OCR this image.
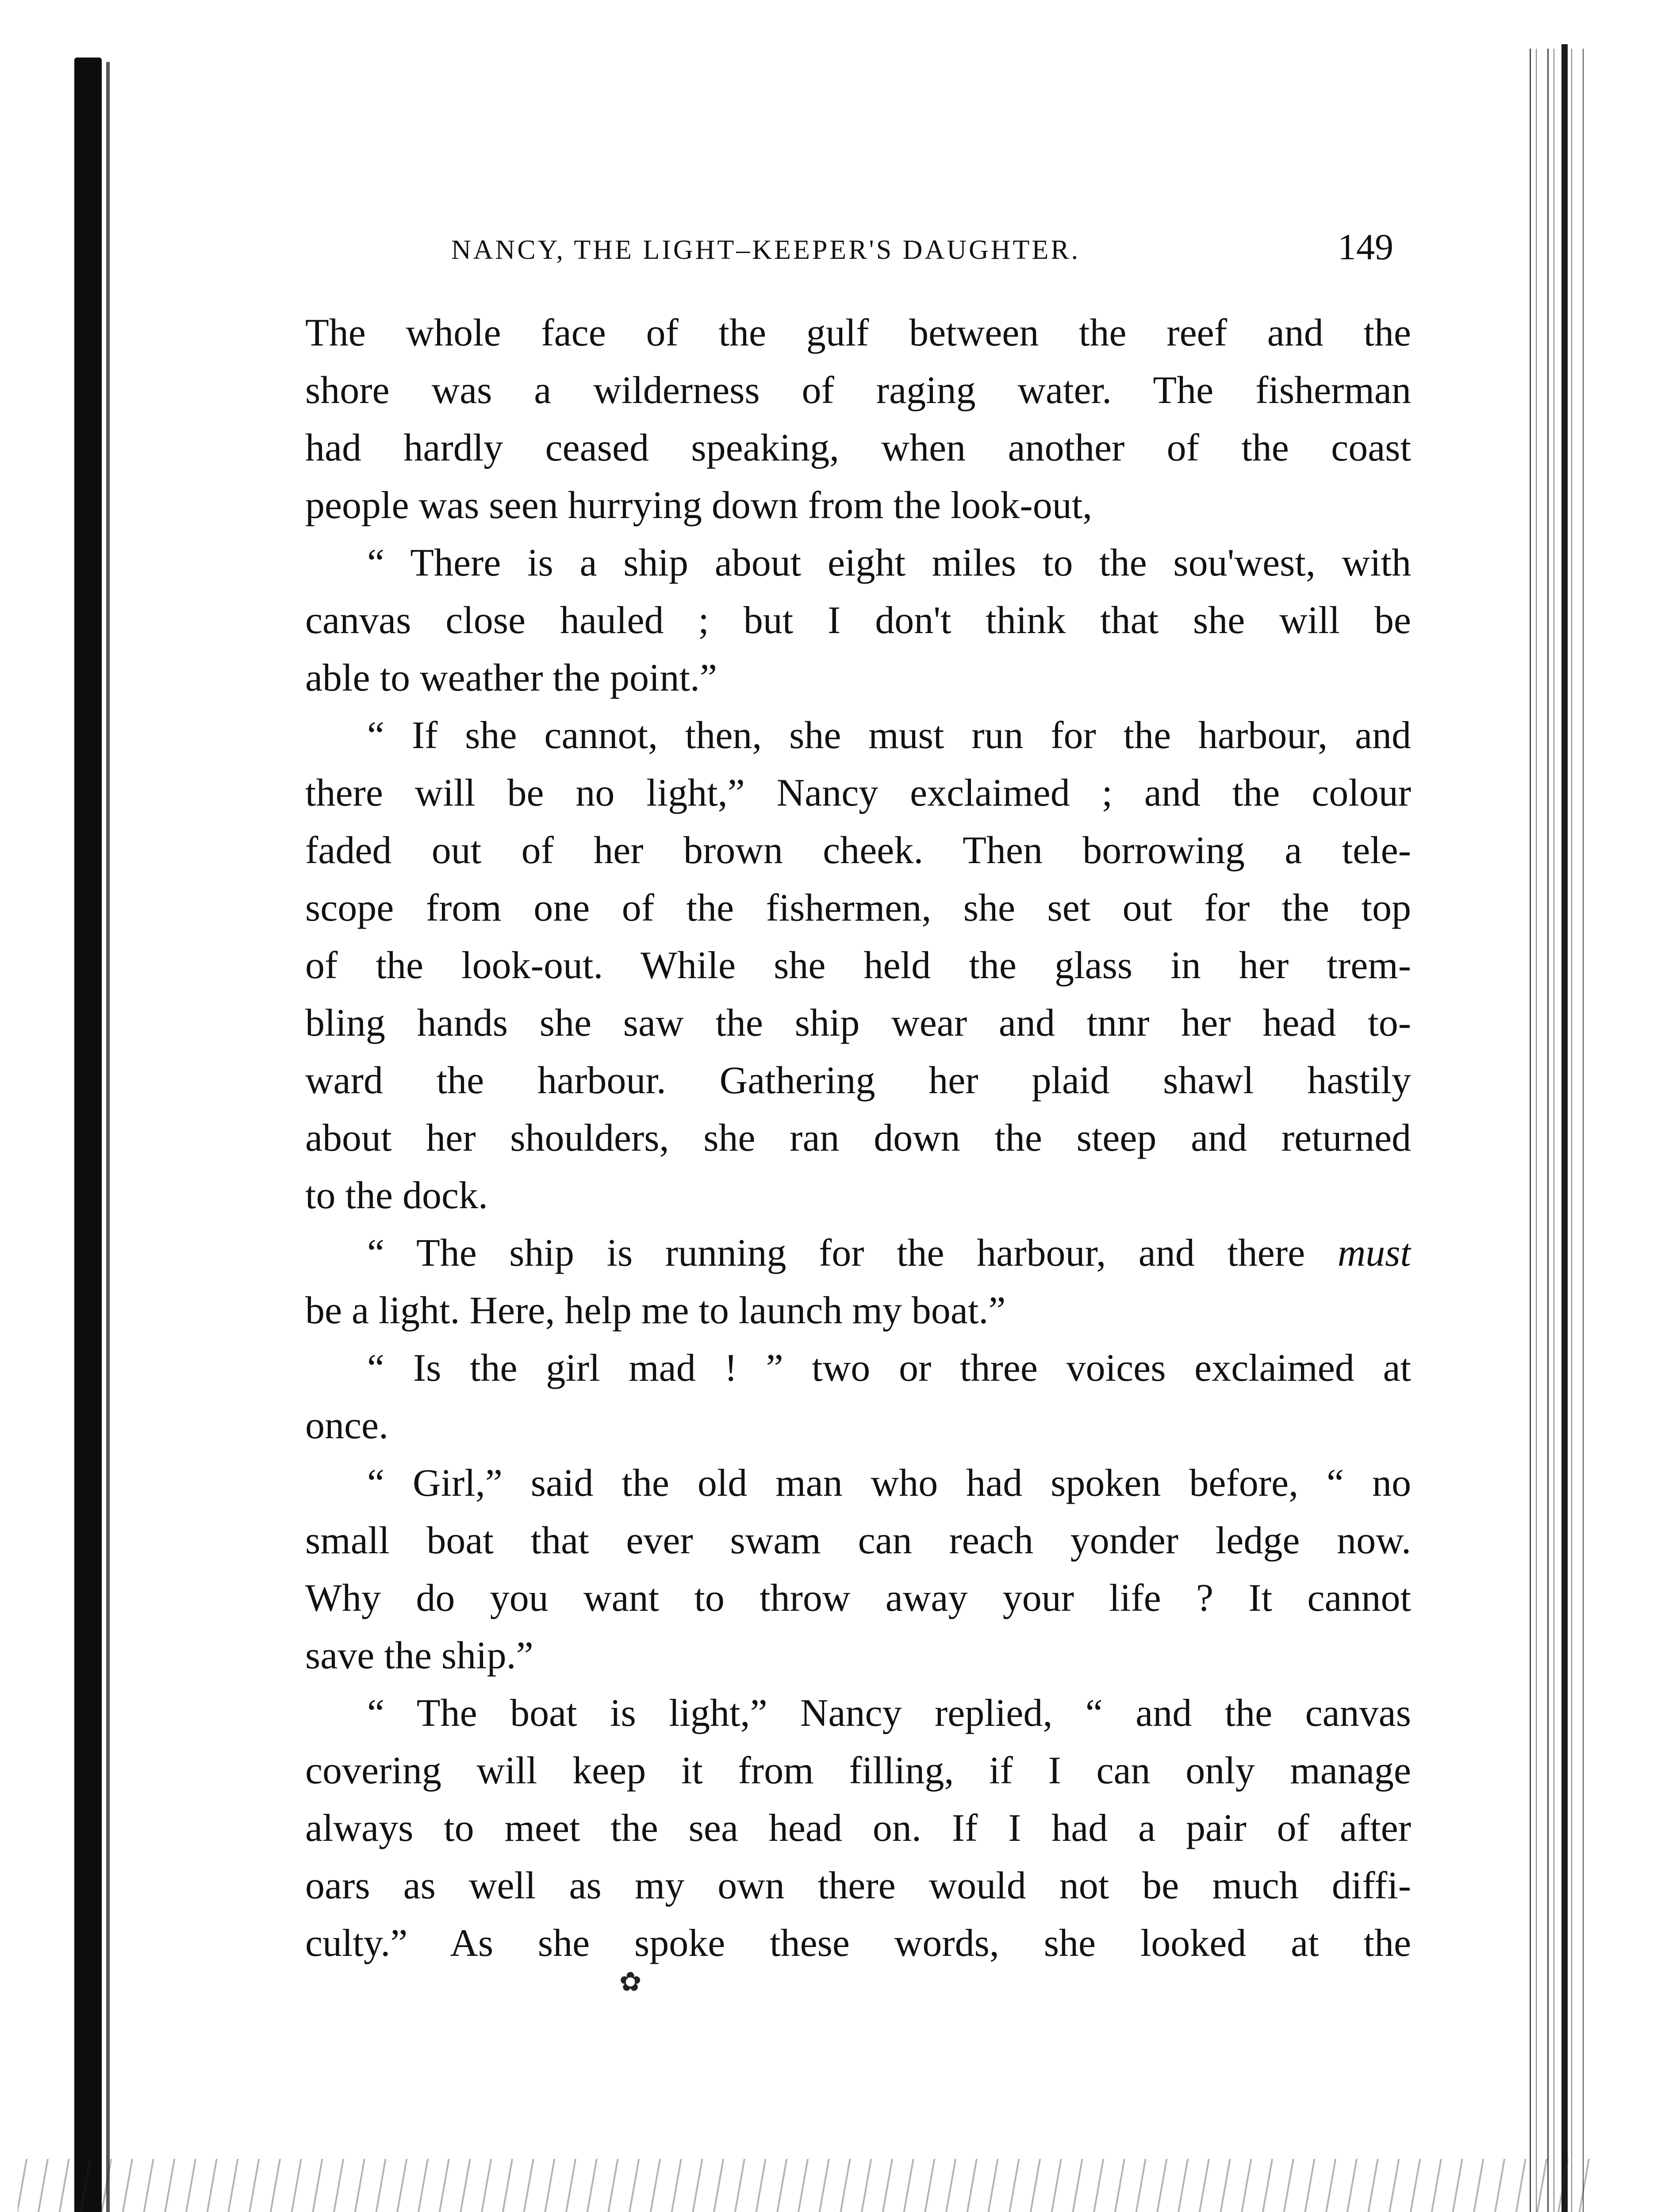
NANCY, THE LIGHT–KEEPER'S DAUGHTER.	149
The whole face of the gulf between the reef and the
shore was a wilderness of raging water. The fisherman
had hardly ceased speaking, when another of the coast
people was seen hurrying down from the look-out,
“ There is a ship about eight miles to the sou'west, with
canvas close hauled ; but I don't think that she will be
able to weather the point.”
“ If she cannot, then, she must run for the harbour, and
there will be no light,” Nancy exclaimed ; and the colour
faded out of her brown cheek. Then borrowing a tele-
scope from one of the fishermen, she set out for the top
of the look-out. While she held the glass in her trem-
bling hands she saw the ship wear and tnnr her head to-
ward the harbour. Gathering her plaid shawl hastily
about her shoulders, she ran down the steep and returned
to the dock.
“ The ship is running for the harbour, and there must
be a light. Here, help me to launch my boat.”
“ Is the girl mad ! ” two or three voices exclaimed at
once.
“ Girl,” said the old man who had spoken before, “ no
small boat that ever swam can reach yonder ledge now.
Why do you want to throw away your life ? It cannot
save the ship.”
“ The boat is light,” Nancy replied, “ and the canvas
covering will keep it from filling, if I can only manage
always to meet the sea head on. If I had a pair of after
oars as well as my own there would not be much diffi-
culty.” As she spoke these words, she looked at the
✿
